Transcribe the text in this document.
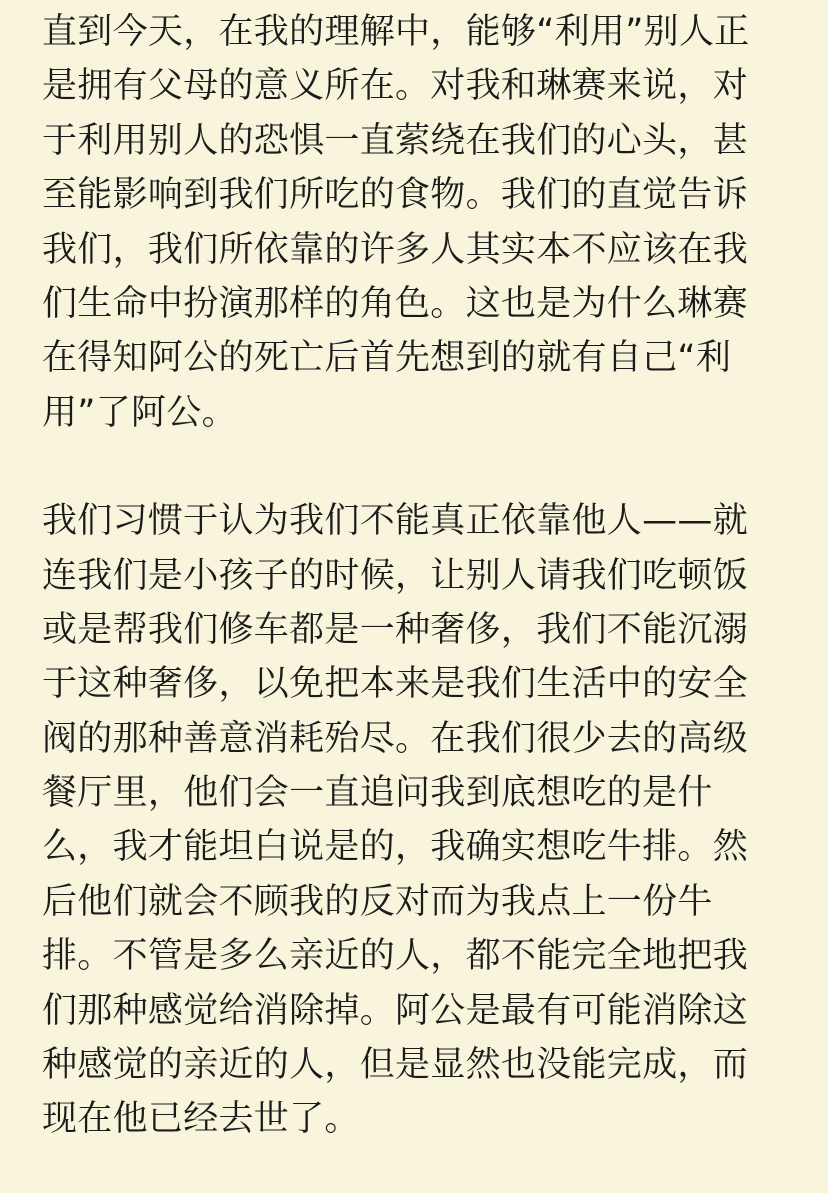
直到今天，在我的理解中，能够“利用”别人正
是拥有父母的意义所在。对我和琳赛来说，对
于利用别人的恐惧一直萦绕在我们的心头，甚
至能影响到我们所吃的食物。我们的直觉告诉
我们，我们所依靠的许多人其实本不应该在我
们生命中扮演那样的角色。这也是为什么琳赛
在得知阿公的死亡后首先想到的就有自己“利
用”了阿公。
我们习惯于认为我们不能真正依靠他人——就
连我们是小孩子的时候，让别人请我们吃顿饭
或是帮我们修车都是一种奢侈，我们不能沉溺
于这种奢侈，以免把本来是我们生活中的安全
阀的那种善意消耗殆尽。在我们很少去的高级
餐厅里，他们会一直追问我到底想吃的是什
么，我才能坦白说是的，我确实想吃牛排。然
后他们就会不顾我的反对而为我点上一份牛
排。不管是多么亲近的人，都不能完全地把我
们那种感觉给消除掉。阿公是最有可能消除这
种感觉的亲近的人，但是显然也没能完成，而
现在他已经去世了。
